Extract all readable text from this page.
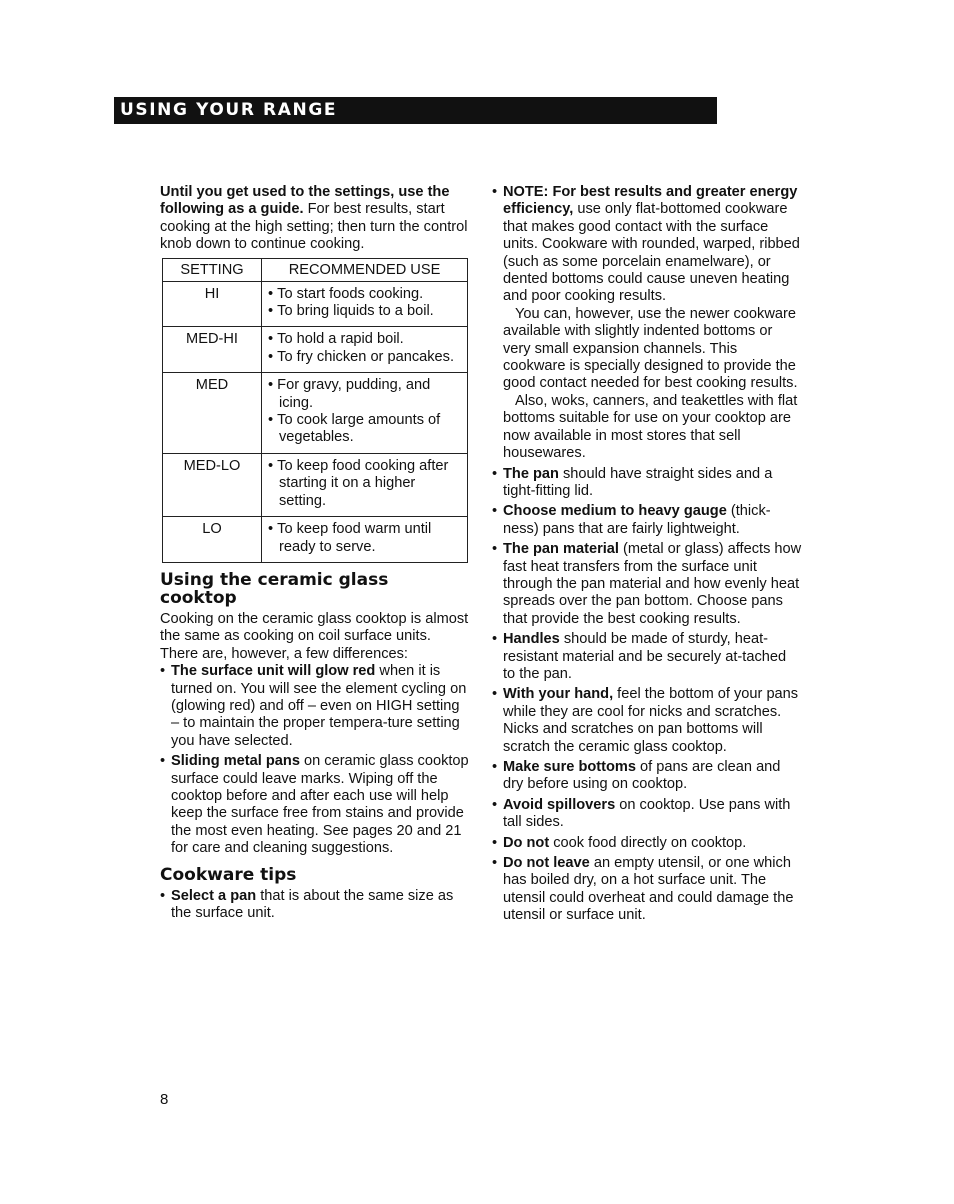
USING YOUR RANGE

Until you get used to the settings, use the following as a guide. For best results, start cooking at the high setting; then turn the control knob down to continue cooking.

SETTING	RECOMMENDED USE
HI	• To start foods cooking.
• To bring liquids to a boil.

MED-HI	• To hold a rapid boil.
• To fry chicken or pancakes.

MED	• For gravy, pudding, and icing.
• To cook large amounts of vegetables.

MED-LO	• To keep food cooking after starting it on a higher setting.

LO	• To keep food warm until ready to serve.
Using the ceramic glass cooktop

Cooking on the ceramic glass cooktop is almost the same as cooking on coil surface units. There are, however, a few differences:

• The surface unit will glow red when it is turned on. You will see the element cycling on (glowing red) and off – even on HIGH setting – to maintain the proper tempera-ture setting you have selected.
• Sliding metal pans on ceramic glass cooktop surface could leave marks. Wiping off the cooktop before and after each use will help keep the surface free from stains and provide the most even heating. See pages 20 and 21 for care and cleaning suggestions.
Cookware tips
• Select a pan that is about the same size as the surface unit.
• NOTE: For best results and greater energy efficiency, use only flat-bottomed cookware that makes good contact with the surface units. Cookware with rounded, warped, ribbed (such as some porcelain enamelware), or dented bottoms could cause uneven heating and poor cooking results.

You can, however, use the newer cookware available with slightly indented bottoms or very small expansion channels. This cookware is specially designed to provide the good contact needed for best cooking results.

Also, woks, canners, and teakettles with flat bottoms suitable for use on your cooktop are now available in most stores that sell housewares.

• The pan should have straight sides and a tight-fitting lid.
• Choose medium to heavy gauge (thick-ness) pans that are fairly lightweight.
• The pan material (metal or glass) affects how fast heat transfers from the surface unit through the pan material and how evenly heat spreads over the pan bottom. Choose pans that provide the best cooking results.
• Handles should be made of sturdy, heat-resistant material and be securely at-tached to the pan.
• With your hand, feel the bottom of your pans while they are cool for nicks and scratches. Nicks and scratches on pan bottoms will scratch the ceramic glass cooktop.
• Make sure bottoms of pans are clean and dry before using on cooktop.
• Avoid spillovers on cooktop. Use pans with tall sides.
• Do not cook food directly on cooktop.
• Do not leave an empty utensil, or one which has boiled dry, on a hot surface unit. The utensil could overheat and could damage the utensil or surface unit.
8
